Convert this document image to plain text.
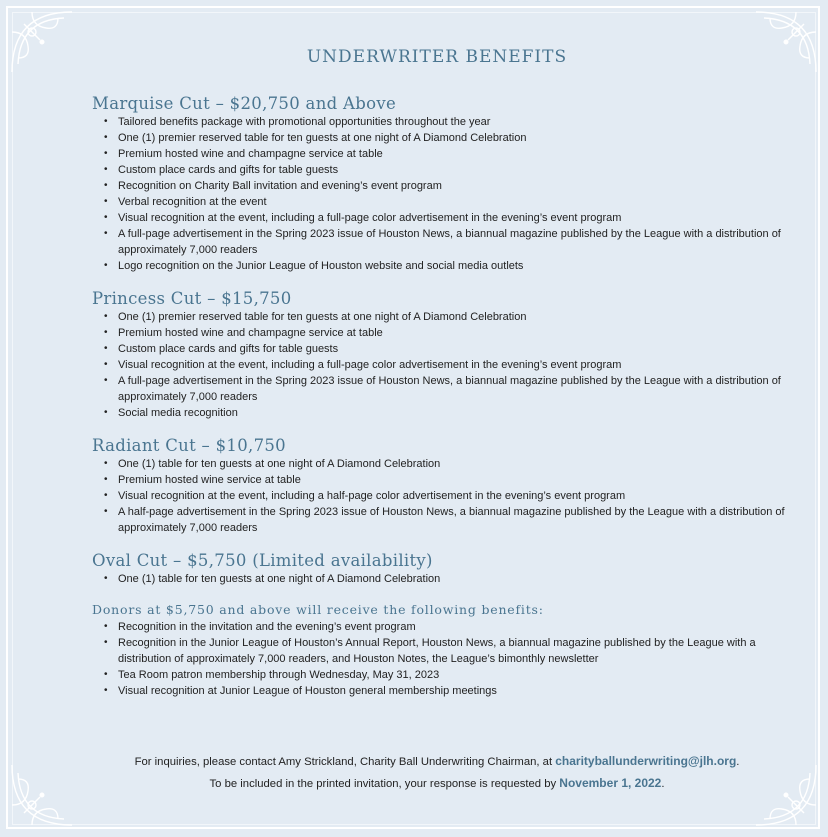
UNDERWRITER BENEFITS
Marquise Cut – $20,750 and Above
• Tailored benefits package with promotional opportunities throughout the year
• One (1) premier reserved table for ten guests at one night of A Diamond Celebration
• Premium hosted wine and champagne service at table
• Custom place cards and gifts for table guests
• Recognition on Charity Ball invitation and evening’s event program
• Verbal recognition at the event
• Visual recognition at the event, including a full-page color advertisement in the evening’s event program
• A full-page advertisement in the Spring 2023 issue of Houston News, a biannual magazine published by the League with a distribution of approximately 7,000 readers
• Logo recognition on the Junior League of Houston website and social media outlets
Princess Cut – $15,750
• One (1) premier reserved table for ten guests at one night of A Diamond Celebration
• Premium hosted wine and champagne service at table
• Custom place cards and gifts for table guests
• Visual recognition at the event, including a full-page color advertisement in the evening’s event program
• A full-page advertisement in the Spring 2023 issue of Houston News, a biannual magazine published by the League with a distribution of approximately 7,000 readers
• Social media recognition
Radiant Cut – $10,750
• One (1) table for ten guests at one night of A Diamond Celebration
• Premium hosted wine service at table
• Visual recognition at the event, including a half-page color advertisement in the evening’s event program
• A half-page advertisement in the Spring 2023 issue of Houston News, a biannual magazine published by the League with a distribution of approximately 7,000 readers
Oval Cut – $5,750 (Limited availability)
• One (1) table for ten guests at one night of A Diamond Celebration
Donors at $5,750 and above will receive the following benefits:
• Recognition in the invitation and the evening’s event program
• Recognition in the Junior League of Houston’s Annual Report, Houston News, a biannual magazine published by the League with a distribution of approximately 7,000 readers, and Houston Notes, the League’s bimonthly newsletter
• Tea Room patron membership through Wednesday, May 31, 2023
• Visual recognition at Junior League of Houston general membership meetings
For inquiries, please contact Amy Strickland, Charity Ball Underwriting Chairman, at charityballunderwriting@jlh.org.
To be included in the printed invitation, your response is requested by November 1, 2022.
